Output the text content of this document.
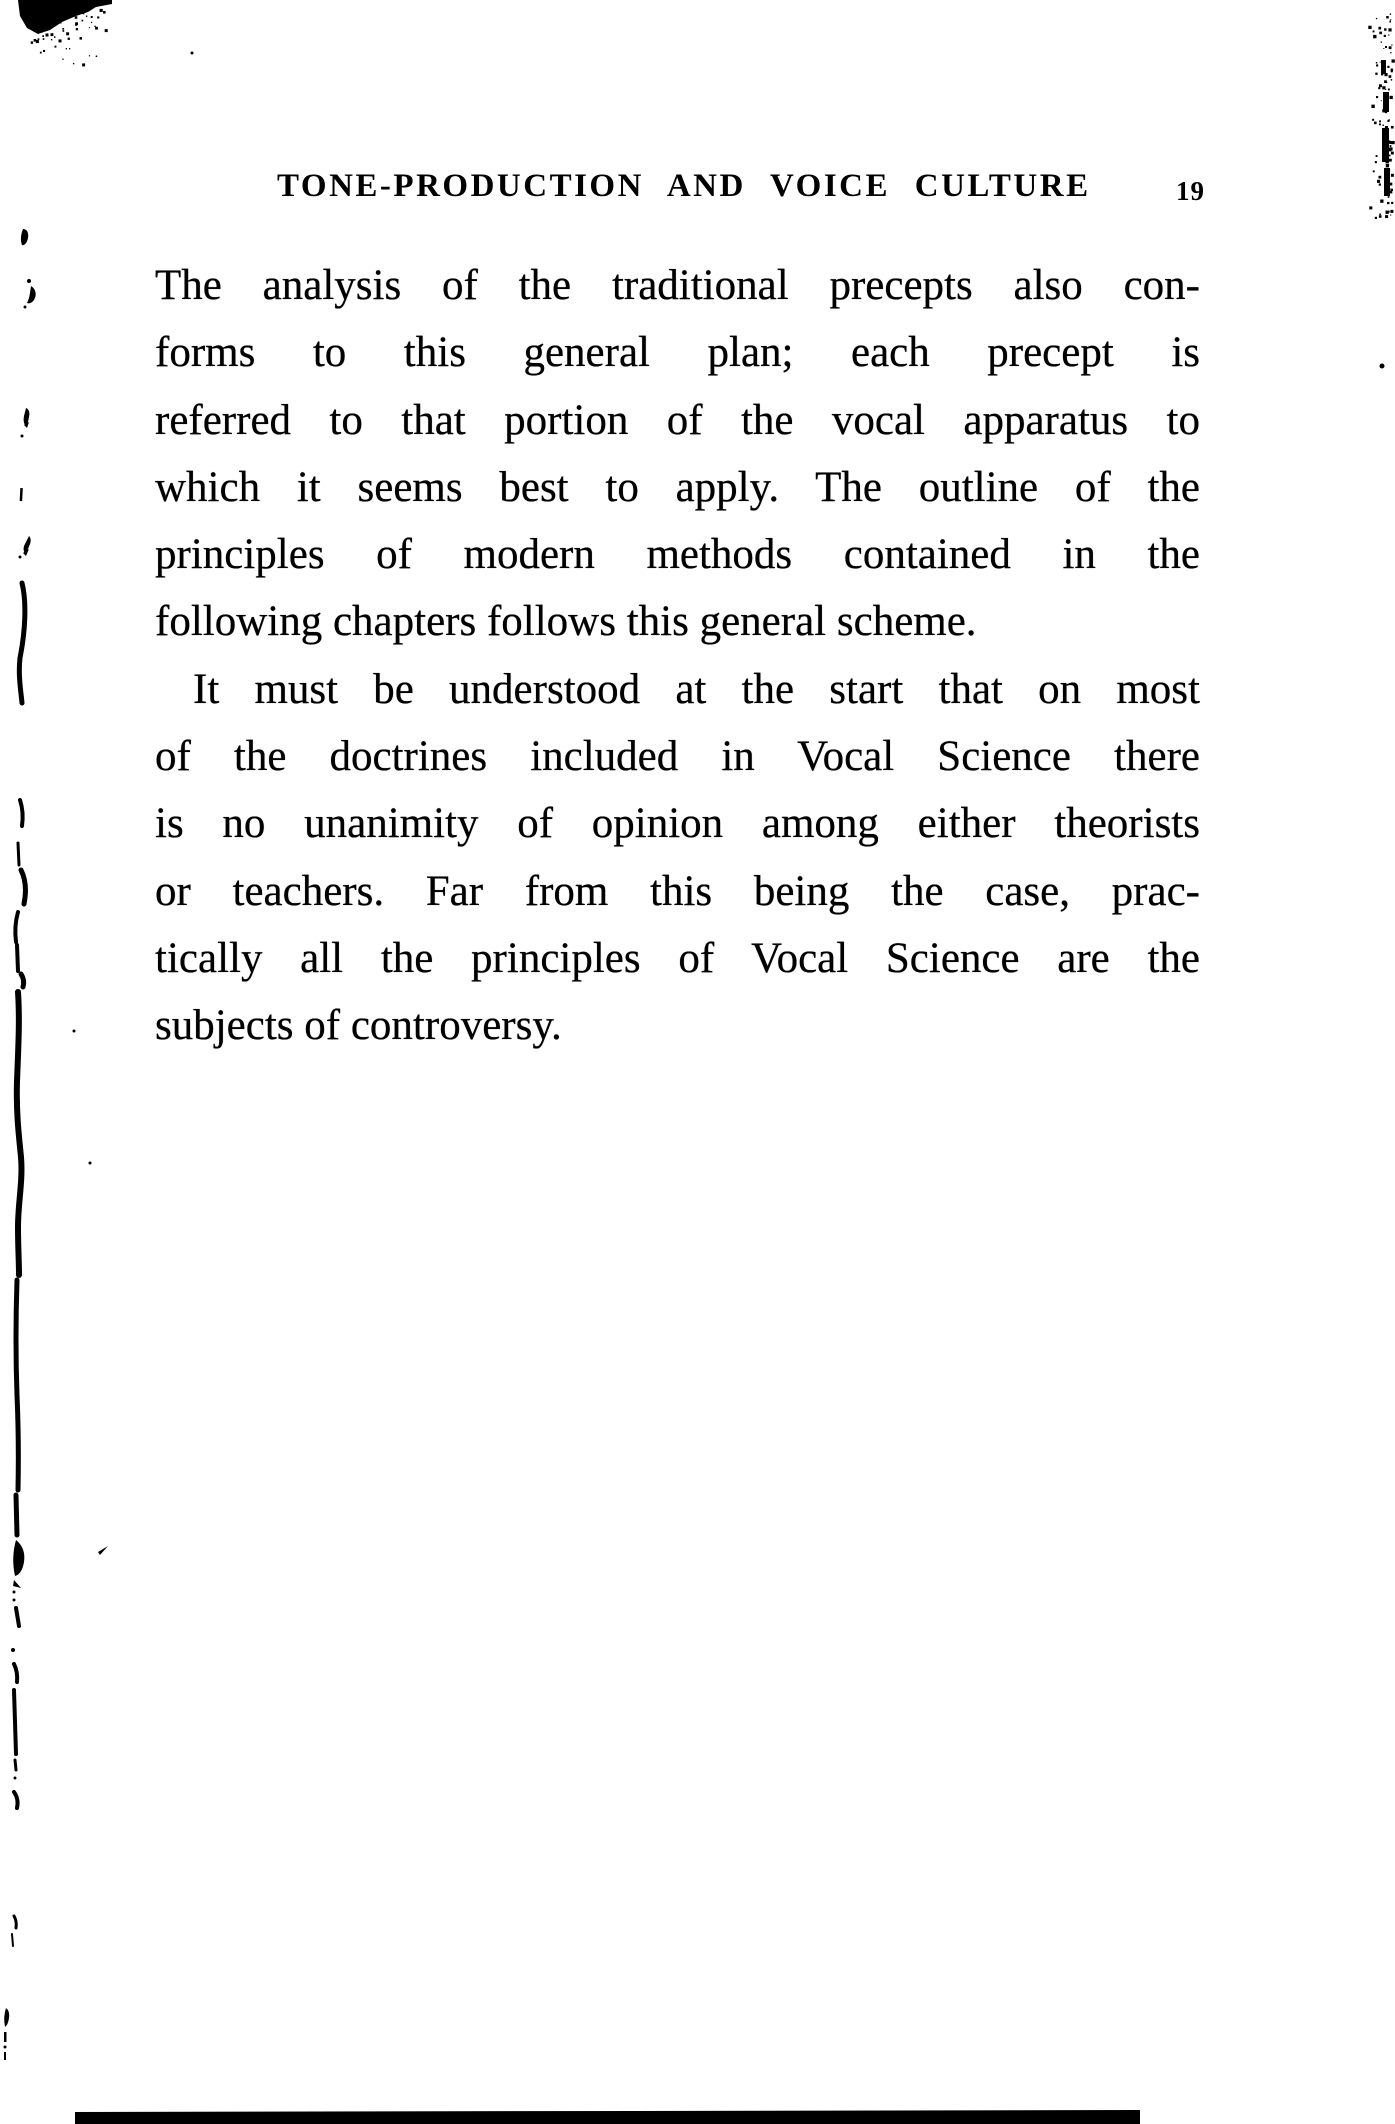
TONE-PRODUCTION AND VOICE CULTURE	19
The analysis of the traditional precepts also con-
forms to this general plan; each precept is
referred to that portion of the vocal apparatus to
which it seems best to apply. The outline of the
principles of modern methods contained in the
following chapters follows this general scheme.
It must be understood at the start that on most
of the doctrines included in Vocal Science there
is no unanimity of opinion among either theorists
or teachers. Far from this being the case, prac-
tically all the principles of Vocal Science are the
subjects of controversy.
